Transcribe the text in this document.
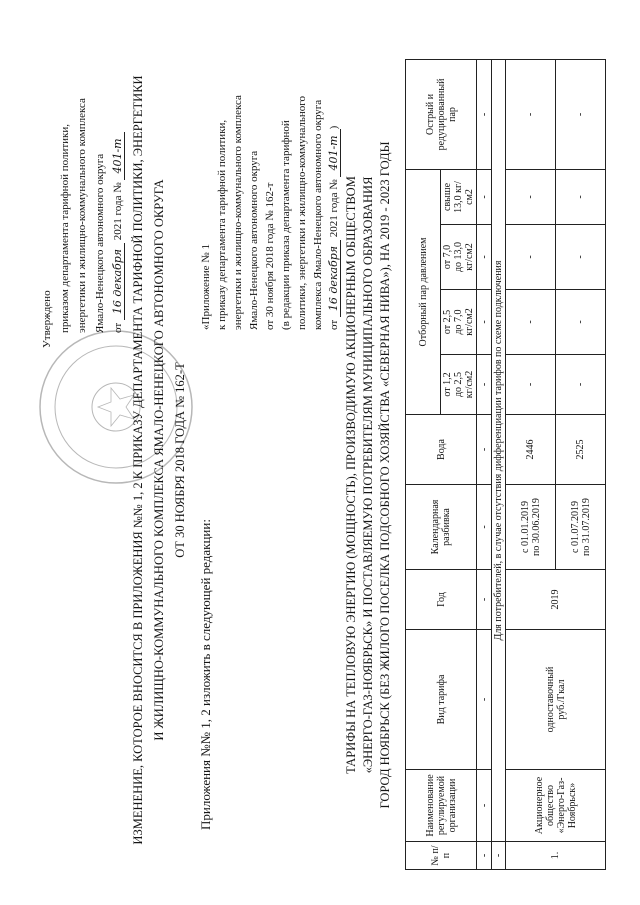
Утверждено приказом департамента тарифной политики, энергетики и жилищно-коммунального комплекса Ямало-Ненецкого автономного округа от 16 декабря 2021 года № 401-т ИЗМЕНЕНИЕ, КОТОРОЕ ВНОСИТСЯ В ПРИЛОЖЕНИЯ №№ 1, 2 К ПРИКАЗУ ДЕПАРТАМЕНТА ТАРИФНОЙ ПОЛИТИКИ, ЭНЕРГЕТИКИ И ЖИЛИЩНО-КОММУНАЛЬНОГО КОМПЛЕКСА ЯМАЛО-НЕНЕЦКОГО АВТОНОМНОГО ОКРУГА ОТ 30 НОЯБРЯ 2018 ГОДА № 162-Т
Приложения №№ 1, 2 изложить в следующей редакции:
«Приложение № 1 к приказу департамента тарифной политики, энергетики и жилищно-коммунального комплекса Ямало-Ненецкого автономного округа от 30 ноября 2018 года № 162-т (в редакции приказа департамента тарифной политики, энергетики и жилищно-коммунального комплекса Ямало-Ненецкого автономного округа от 16 декабря 2021 года № 401-т)
ТАРИФЫ НА ТЕПЛОВУЮ ЭНЕРГИЮ (МОЩНОСТЬ), ПРОИЗВОДИМУЮ АКЦИОНЕРНЫМ ОБЩЕСТВОМ «ЭНЕРГО-ГАЗ-НОЯБРЬСК» И ПОСТАВЛЯЕМУЮ ПОТРЕБИТЕЛЯМ МУНИЦИПАЛЬНОГО ОБРАЗОВАНИЯ ГОРОД НОЯБРЬСК (БЕЗ ЖИЛОГО ПОСЕЛКА ПОДСОБНОГО ХОЗЯЙСТВА «СЕВЕРНАЯ НИВА»), НА 2019 - 2023 ГОДЫ
№ п/п	Наименование регулируемой организации	Вид тарифа	Год	Календарная разбивка	Вода	Отборный пар давлением				Острый и редуцированный пар
						от 1,2 до 2,5 кг/см2	от 2,5 до 7,0 кг/см2	от 7,0 до 13,0 кг/см2	свыше 13,0 кг/см2	
-	-	-	-	-	-	-	-	-	-	-
-	Для потребителей, в случае отсутствия дифференциации тарифов по схеме подключения									
1.	Акционерное общество «Энерго-Газ-Ноябрьск»	одноставочный руб./Гкал	2019	с 01.01.2019 по 30.06.2019	2446	-	-	-	-	-

				с 01.07.2019 по 31.07.2019	2525	-	-	-	-	-
